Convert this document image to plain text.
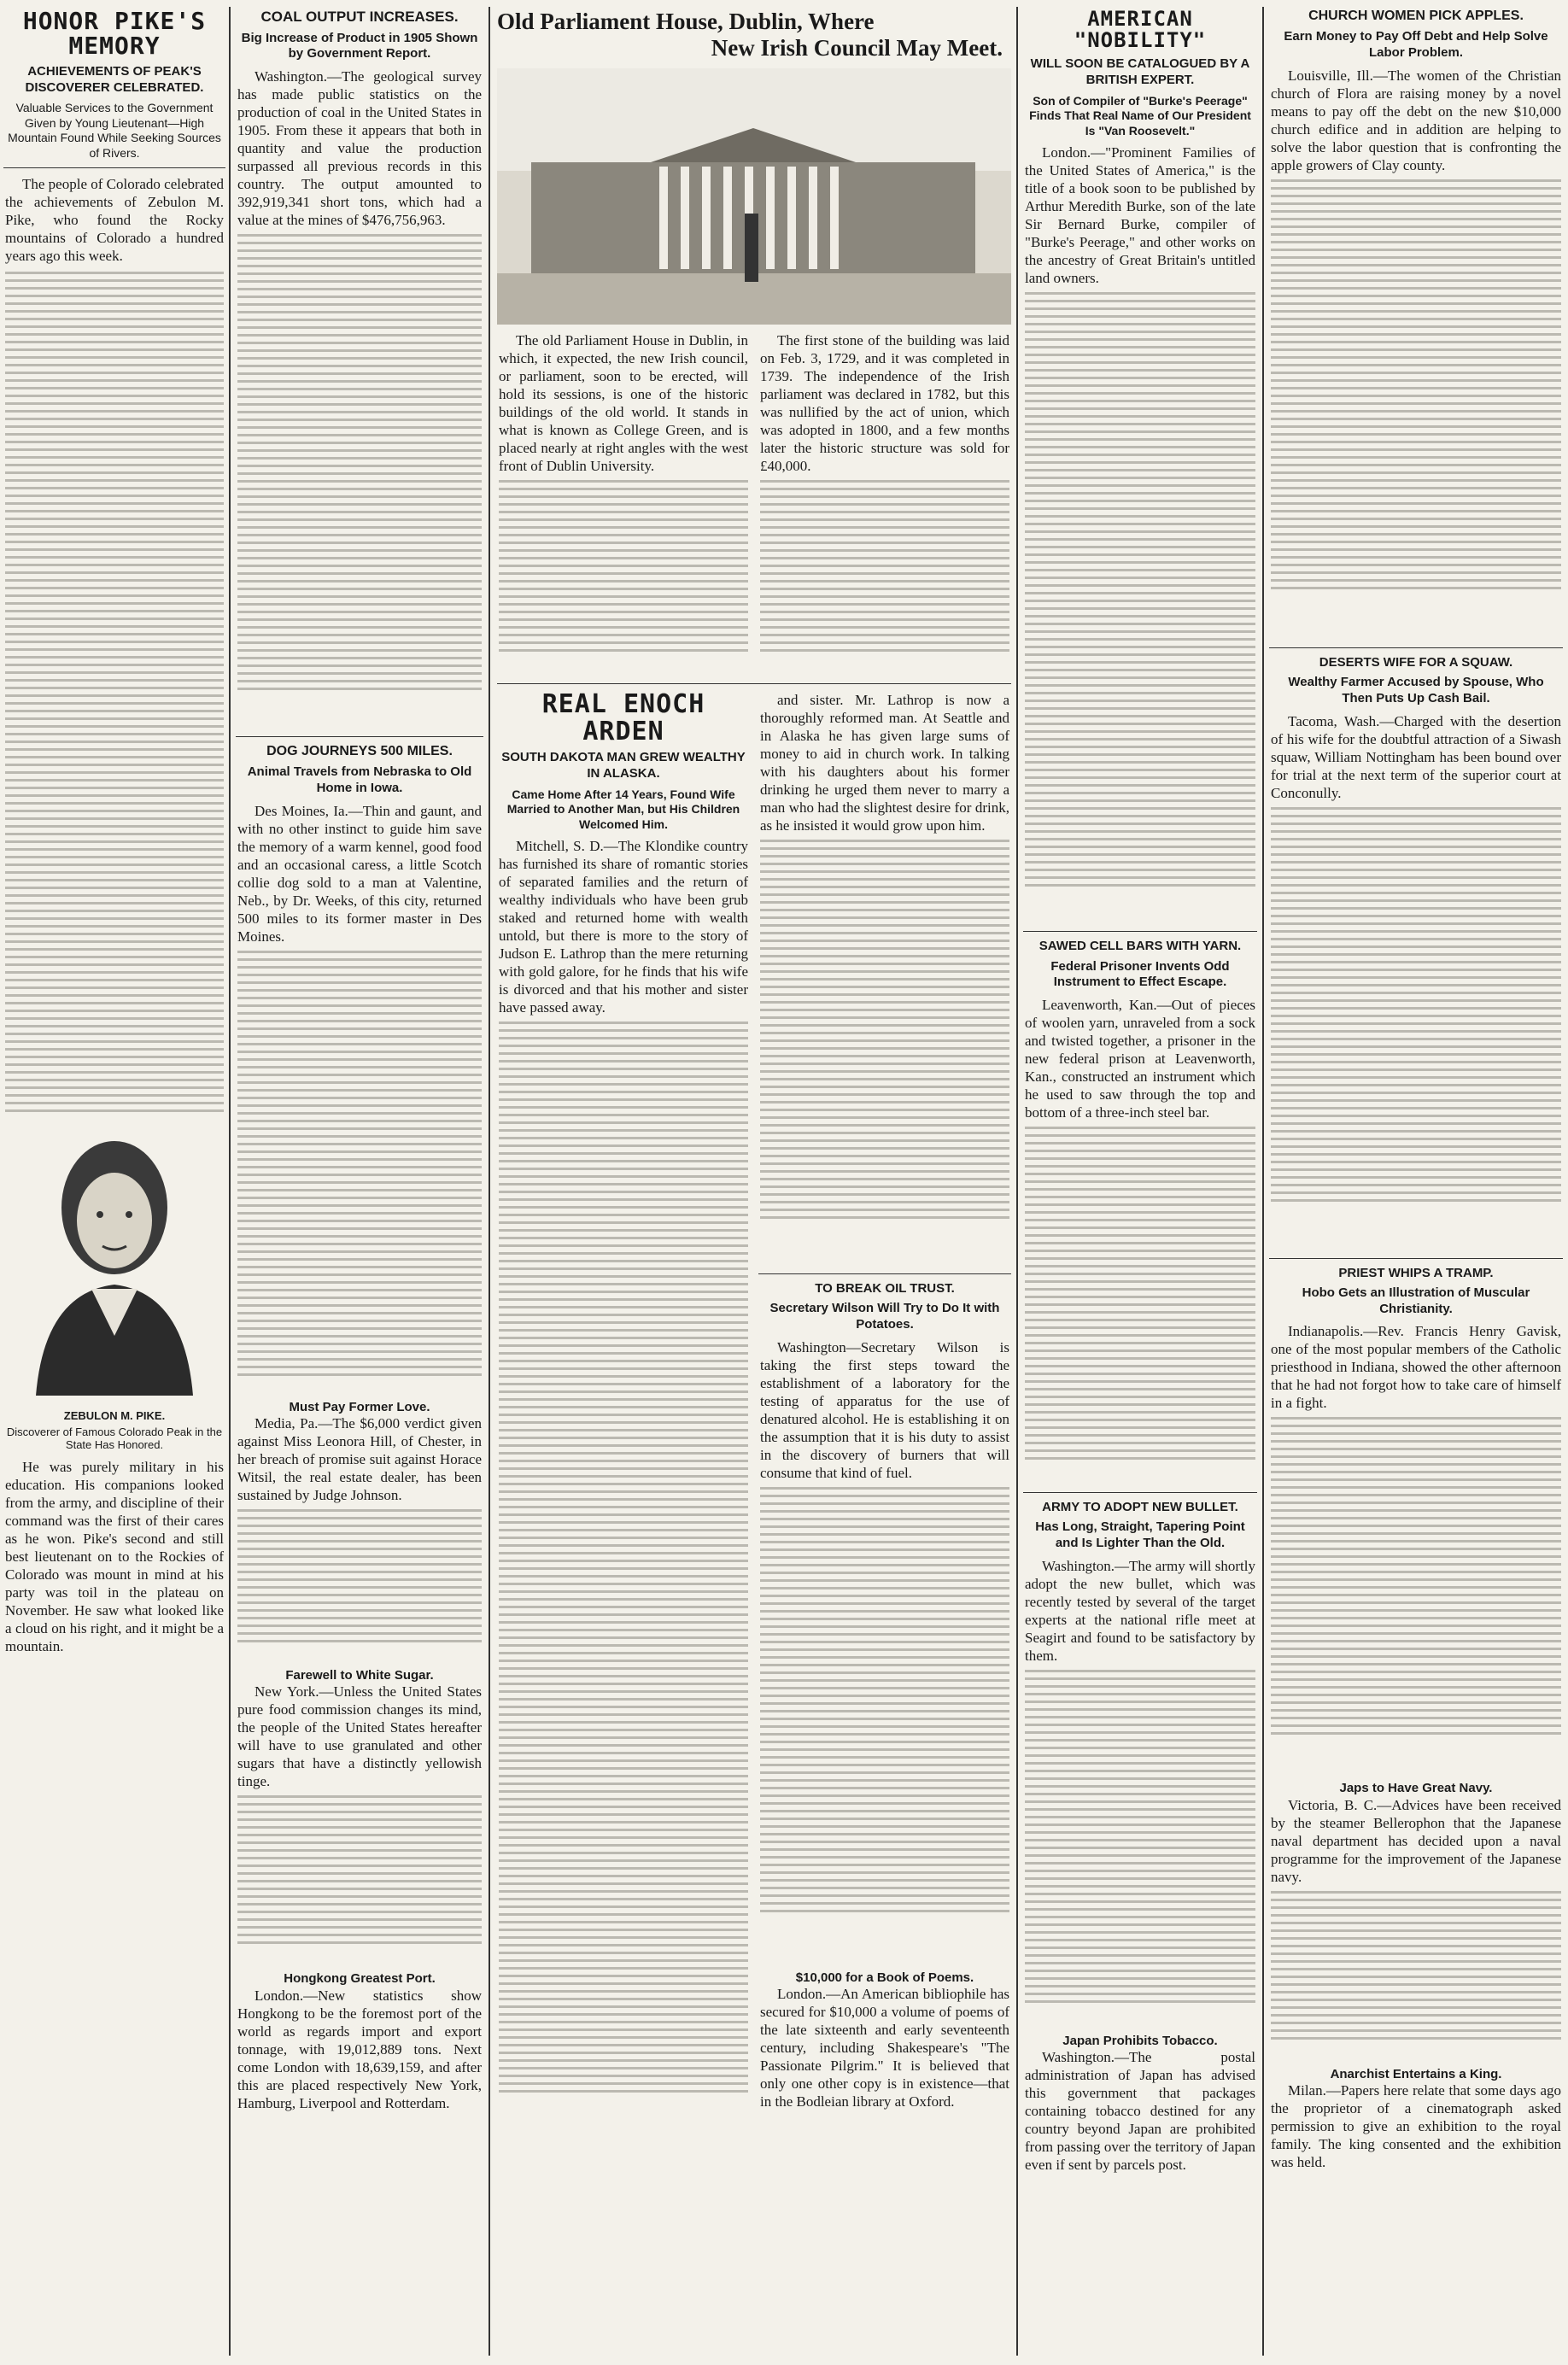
HONOR PIKE'S MEMORY
ACHIEVEMENTS OF PEAK'S DISCOVERER CELEBRATED.
Valuable Services to the Government Given by Young Lieutenant—High Mountain Found While Seeking Sources of Rivers.
The people of Colorado celebrated the achievements of Zebulon M. Pike, who found the Rocky mountains of Colorado a hundred years ago this week.
ZEBULON M. PIKE.
Discoverer of Famous Colorado Peak in the State Has Honored.
He was purely military in his education. His companions looked from the army, and discipline of their command was the first of their cares as he won. Pike's second and still best lieutenant on to the Rockies of Colorado was mount in mind at his party was toil in the plateau on November. He saw what looked like a cloud on his right, and it might be a mountain.
COAL OUTPUT INCREASES.
Big Increase of Product in 1905 Shown by Government Report.
Washington.—The geological survey has made public statistics on the production of coal in the United States in 1905. From these it appears that both in quantity and value the production surpassed all previous records in this country. The output amounted to 392,919,341 short tons, which had a value at the mines of $476,756,963.
DOG JOURNEYS 500 MILES.
Animal Travels from Nebraska to Old Home in Iowa.
Des Moines, Ia.—Thin and gaunt, and with no other instinct to guide him save the memory of a warm kennel, good food and an occasional caress, a little Scotch collie dog sold to a man at Valentine, Neb., by Dr. Weeks, of this city, returned 500 miles to its former master in Des Moines.
Must Pay Former Love.
Media, Pa.—The $6,000 verdict given against Miss Leonora Hill, of Chester, in her breach of promise suit against Horace Witsil, the real estate dealer, has been sustained by Judge Johnson.
Farewell to White Sugar.
New York.—Unless the United States pure food commission changes its mind, the people of the United States hereafter will have to use granulated and other sugars that have a distinctly yellowish tinge.
Hongkong Greatest Port.
London.—New statistics show Hongkong to be the foremost port of the world as regards import and export tonnage, with 19,012,889 tons. Next come London with 18,639,159, and after this are placed respectively New York, Hamburg, Liverpool and Rotterdam.
Old Parliament House, Dublin, Where
New Irish Council May Meet.
The old Parliament House in Dublin, in which, it expected, the new Irish council, or parliament, soon to be erected, will hold its sessions, is one of the historic buildings of the old world. It stands in what is known as College Green, and is placed nearly at right angles with the west front of Dublin University.
The first stone of the building was laid on Feb. 3, 1729, and it was completed in 1739. The independence of the Irish parliament was declared in 1782, but this was nullified by the act of union, which was adopted in 1800, and a few months later the historic structure was sold for £40,000.
REAL ENOCH ARDEN
SOUTH DAKOTA MAN GREW WEALTHY IN ALASKA.
Came Home After 14 Years, Found Wife Married to Another Man, but His Children Welcomed Him.
Mitchell, S. D.—The Klondike country has furnished its share of romantic stories of separated families and the return of wealthy individuals who have been grub staked and returned home with wealth untold, but there is more to the story of Judson E. Lathrop than the mere returning with gold galore, for he finds that his wife is divorced and that his mother and sister have passed away.
and sister. Mr. Lathrop is now a thoroughly reformed man. At Seattle and in Alaska he has given large sums of money to aid in church work. In talking with his daughters about his former drinking he urged them never to marry a man who had the slightest desire for drink, as he insisted it would grow upon him.
TO BREAK OIL TRUST.
Secretary Wilson Will Try to Do It with Potatoes.
Washington—Secretary Wilson is taking the first steps toward the establishment of a laboratory for the testing of apparatus for the use of denatured alcohol. He is establishing it on the assumption that it is his duty to assist in the discovery of burners that will consume that kind of fuel.
$10,000 for a Book of Poems.
London.—An American bibliophile has secured for $10,000 a volume of poems of the late sixteenth and early seventeenth century, including Shakespeare's "The Passionate Pilgrim." It is believed that only one other copy is in existence—that in the Bodleian library at Oxford.
AMERICAN "NOBILITY"
WILL SOON BE CATALOGUED BY A BRITISH EXPERT.
Son of Compiler of "Burke's Peerage" Finds That Real Name of Our President Is "Van Roosevelt."
London.—"Prominent Families of the United States of America," is the title of a book soon to be published by Arthur Meredith Burke, son of the late Sir Bernard Burke, compiler of "Burke's Peerage," and other works on the ancestry of Great Britain's untitled land owners.
SAWED CELL BARS WITH YARN.
Federal Prisoner Invents Odd Instrument to Effect Escape.
Leavenworth, Kan.—Out of pieces of woolen yarn, unraveled from a sock and twisted together, a prisoner in the new federal prison at Leavenworth, Kan., constructed an instrument which he used to saw through the top and bottom of a three-inch steel bar.
ARMY TO ADOPT NEW BULLET.
Has Long, Straight, Tapering Point and Is Lighter Than the Old.
Washington.—The army will shortly adopt the new bullet, which was recently tested by several of the target experts at the national rifle meet at Seagirt and found to be satisfactory by them.
Japan Prohibits Tobacco.
Washington.—The postal administration of Japan has advised this government that packages containing tobacco destined for any country beyond Japan are prohibited from passing over the territory of Japan even if sent by parcels post.
CHURCH WOMEN PICK APPLES.
Earn Money to Pay Off Debt and Help Solve Labor Problem.
Louisville, Ill.—The women of the Christian church of Flora are raising money by a novel means to pay off the debt on the new $10,000 church edifice and in addition are helping to solve the labor question that is confronting the apple growers of Clay county.
DESERTS WIFE FOR A SQUAW.
Wealthy Farmer Accused by Spouse, Who Then Puts Up Cash Bail.
Tacoma, Wash.—Charged with the desertion of his wife for the doubtful attraction of a Siwash squaw, William Nottingham has been bound over for trial at the next term of the superior court at Conconully.
PRIEST WHIPS A TRAMP.
Hobo Gets an Illustration of Muscular Christianity.
Indianapolis.—Rev. Francis Henry Gavisk, one of the most popular members of the Catholic priesthood in Indiana, showed the other afternoon that he had not forgot how to take care of himself in a fight.
Japs to Have Great Navy.
Victoria, B. C.—Advices have been received by the steamer Bellerophon that the Japanese naval department has decided upon a naval programme for the improvement of the Japanese navy.
Anarchist Entertains a King.
Milan.—Papers here relate that some days ago the proprietor of a cinematograph asked permission to give an exhibition to the royal family. The king consented and the exhibition was held.
